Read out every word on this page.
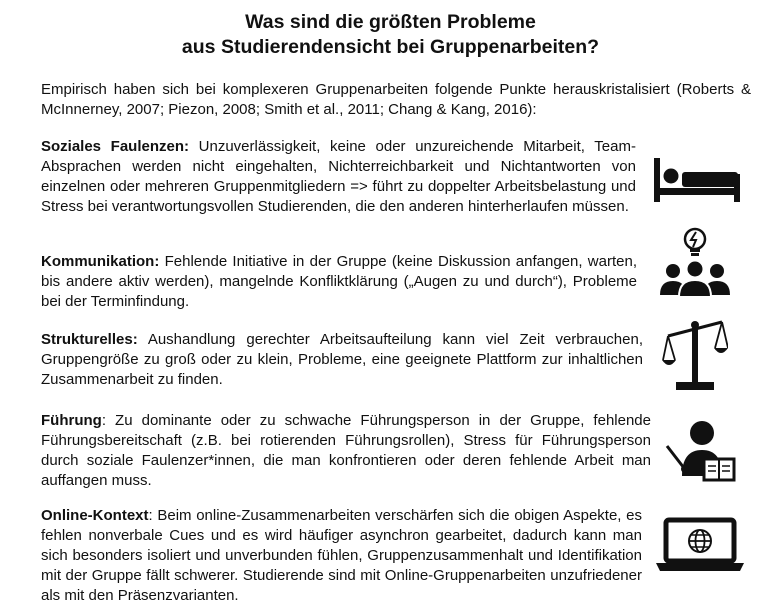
Was sind die größten Probleme
aus Studierendensicht bei Gruppenarbeiten?
Empirisch haben sich bei komplexeren Gruppenarbeiten folgende Punkte herauskristalisiert (Roberts & McInnerney, 2007; Piezon, 2008; Smith et al., 2011; Chang & Kang, 2016):
Soziales Faulenzen: Unzuverlässigkeit, keine oder unzureichende Mitarbeit, Team-Absprachen werden nicht eingehalten, Nichterreichbarkeit und Nichtantworten von einzelnen oder mehreren Gruppenmitgliedern => führt zu doppelter Arbeitsbelastung und Stress bei verantwortungsvollen Studierenden, die den anderen hinterherlaufen müssen.
Kommunikation: Fehlende Initiative in der Gruppe (keine Diskussion anfangen, warten, bis andere aktiv werden), mangelnde Konfliktklärung („Augen zu und durch“), Probleme bei der Terminfindung.
Strukturelles: Aushandlung gerechter Arbeitsaufteilung kann viel Zeit verbrauchen, Gruppengröße zu groß oder zu klein, Probleme, eine geeignete Plattform zur inhaltlichen Zusammenarbeit zu finden.
Führung: Zu dominante oder zu schwache Führungsperson in der Gruppe, fehlende Führungsbereitschaft (z.B. bei rotierenden Führungsrollen), Stress für Führungsperson durch soziale Faulenzer*innen, die man konfrontieren oder deren fehlende Arbeit man auffangen muss.
Online-Kontext: Beim online-Zusammenarbeiten verschärfen sich die obigen Aspekte, es fehlen nonverbale Cues und es wird häufiger asynchron gearbeitet, dadurch kann man sich besonders isoliert und unverbunden fühlen, Gruppenzusammenhalt und Identifikation mit der Gruppe fällt schwerer. Studierende sind mit Online-Gruppenarbeiten unzufriedener als mit den Präsenzvarianten.
